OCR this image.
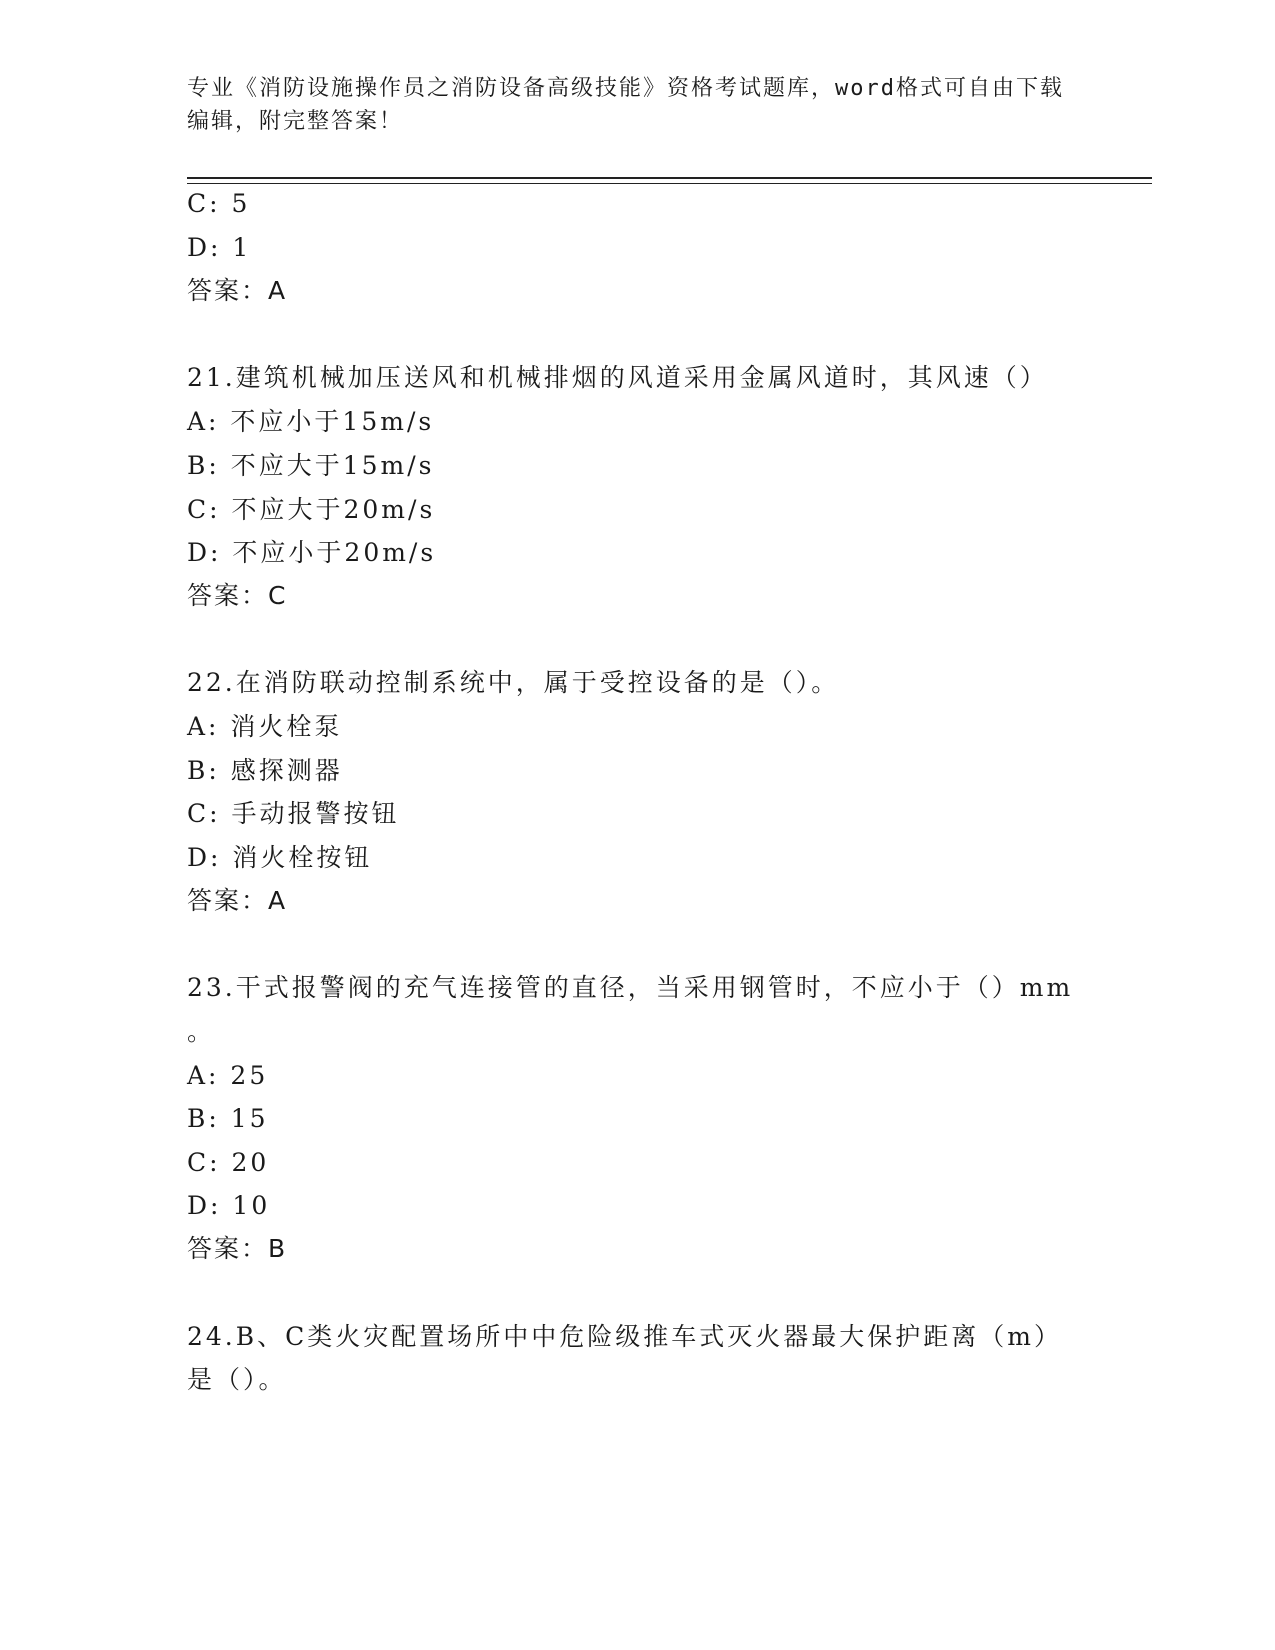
专业《消防设施操作员之消防设备高级技能》资格考试题库，word格式可自由下载编辑，附完整答案！
C: 5
D: 1
答案：A
21.建筑机械加压送风和机械排烟的风道采用金属风道时，其风速（）
A: 不应小于15m/s
B: 不应大于15m/s
C: 不应大于20m/s
D: 不应小于20m/s
答案：C
22.在消防联动控制系统中，属于受控设备的是（）。
A: 消火栓泵
B: 感探测器
C: 手动报警按钮
D: 消火栓按钮
答案：A
23.干式报警阀的充气连接管的直径，当采用钢管时，不应小于（）mm
。
A: 25
B: 15
C: 20
D: 10
答案：B
24.B、C类火灾配置场所中中危险级推车式灭火器最大保护距离（m）
是（）。
